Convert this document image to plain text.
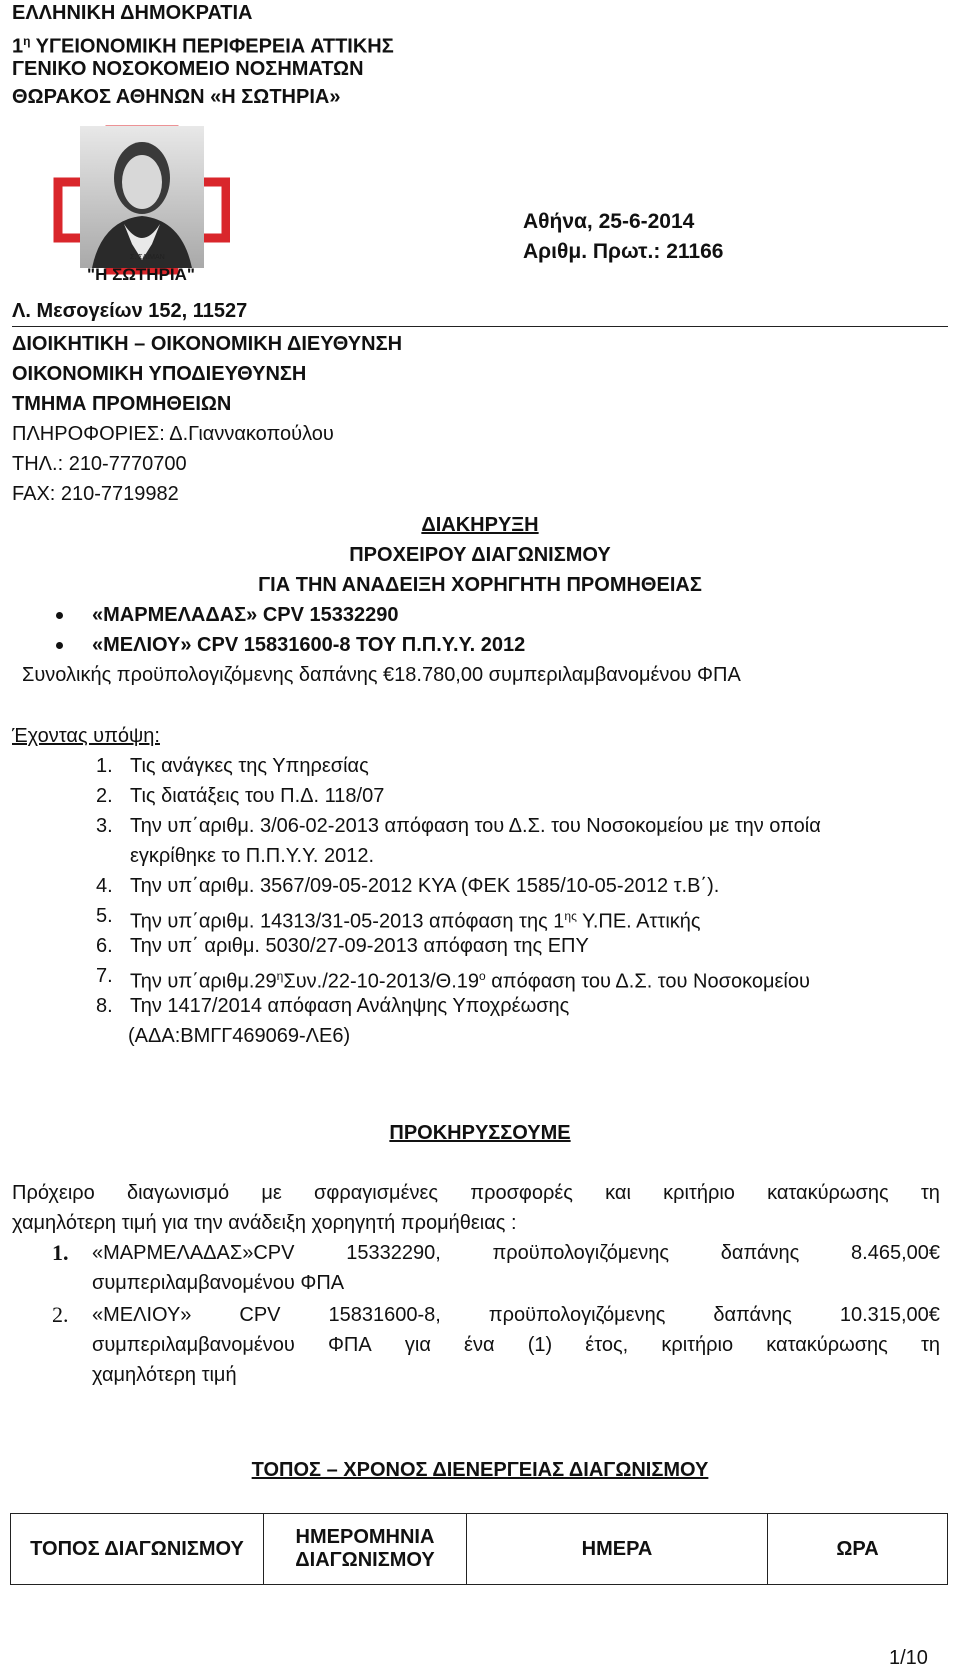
ΕΛΛΗΝΙΚΗ ΔΗΜΟΚΡΑΤΙΑ
$1^\eta$ ΥΓΕΙΟΝΟΜΙΚΗ ΠΕΡΙΦΕΡΕΙΑ ΑΤΤΙΚΗΣ
ΓΕΝΙΚΟ ΝΟΣΟΚΟΜΕΙΟ ΝΟΣΗΜΑΤΩΝ
ΘΩΡΑΚΟΣ ΑΘΗΝΩΝ «Η ΣΩΤΗΡΙΑ»
Σ. ΣΛΙΜΑΝ
"Η ΣΩΤΗΡΙΑ"
Αθήνα, 25-6-2014
Αριθμ. Πρωτ.: 21166
Λ. Μεσογείων 152, 11527
ΔΙΟΙΚΗΤΙΚΗ – ΟΙΚΟΝΟΜΙΚΗ ΔΙΕΥΘΥΝΣΗ
ΟΙΚΟΝΟΜΙΚΗ ΥΠΟΔΙΕΥΘΥΝΣΗ
ΤΜΗΜΑ ΠΡΟΜΗΘΕΙΩΝ
ΠΛΗΡΟΦΟΡΙΕΣ: Δ.Γιαννακοπούλου
ΤΗΛ.: 210-7770700
FAX: 210-7719982
ΔΙΑΚΗΡΥΞΗ
ΠΡΟΧΕΙΡΟΥ ΔΙΑΓΩΝΙΣΜΟΥ
ΓΙΑ ΤΗΝ ΑΝΑΔΕΙΞΗ ΧΟΡΗΓΗΤΗ ΠΡΟΜΗΘΕΙΑΣ
«ΜΑΡΜΕΛΑΔΑΣ» CPV 15332290
«ΜΕΛΙΟΥ» CPV 15831600-8 ΤΟΥ Π.Π.Υ.Υ. 2012
Συνολικής προϋπολογιζόμενης δαπάνης €18.780,00 συμπεριλαμβανομένου ΦΠΑ
Έχοντας υπόψη:
1. Τις ανάγκες της Υπηρεσίας
2. Τις διατάξεις του Π.Δ. 118/07
3. Την υπ΄αριθμ. 3/06-02-2013 απόφαση του Δ.Σ. του Νοσοκομείου με την οποία
εγκρίθηκε το Π.Π.Υ.Υ. 2012.
4. Την υπ΄αριθμ. 3567/09-05-2012 ΚΥΑ (ΦΕΚ 1585/10-05-2012 τ.Β΄).
5. Την υπ΄αριθμ. 14313/31-05-2013 απόφαση της $1^{\eta\varsigma}$ Υ.ΠΕ. Αττικής
6. Την υπ΄ αριθμ. 5030/27-09-2013 απόφαση της ΕΠΥ
7. Την $\upsilon\pi΄\alpha\rho\iota\theta\mu.29^\eta\Sigma\upsilon\nu./22-10-2013/\Theta.19^o$ απόφαση του Δ.Σ. του Νοσοκομείου
8. Την 1417/2014 απόφαση Ανάληψης Υποχρέωσης
(ΑΔΑ:ΒΜΓΓ469069-ΛΕ6)
ΠΡΟΚΗΡΥΣΣΟΥΜΕ
Πρόχειρο διαγωνισμό με σφραγισμένες προσφορές και κριτήριο κατακύρωσης τη
χαμηλότερη τιμή για την ανάδειξη χορηγητή προμήθειας :
1. «ΜΑΡΜΕΛΑΔΑΣ»CPV	15332290,	προϋπολογιζόμενης	δαπάνης	8.465,00€
συμπεριλαμβανομένου ΦΠΑ
2. «ΜΕΛΙΟΥ» CPV 15831600-8, προϋπολογιζόμενης δαπάνης 10.315,00€
συμπεριλαμβανομένου ΦΠΑ για ένα (1) έτος, κριτήριο κατακύρωσης τη
χαμηλότερη τιμή
ΤΟΠΟΣ – ΧΡΟΝΟΣ ΔΙΕΝΕΡΓΕΙΑΣ ΔΙΑΓΩΝΙΣΜΟΥ
ΤΟΠΟΣ ΔΙΑΓΩΝΙΣΜΟΥ	ΗΜΕΡΟΜΗΝΙΑ ΔΙΑΓΩΝΙΣΜΟΥ	ΗΜΕΡΑ	ΩΡΑ
1/10
